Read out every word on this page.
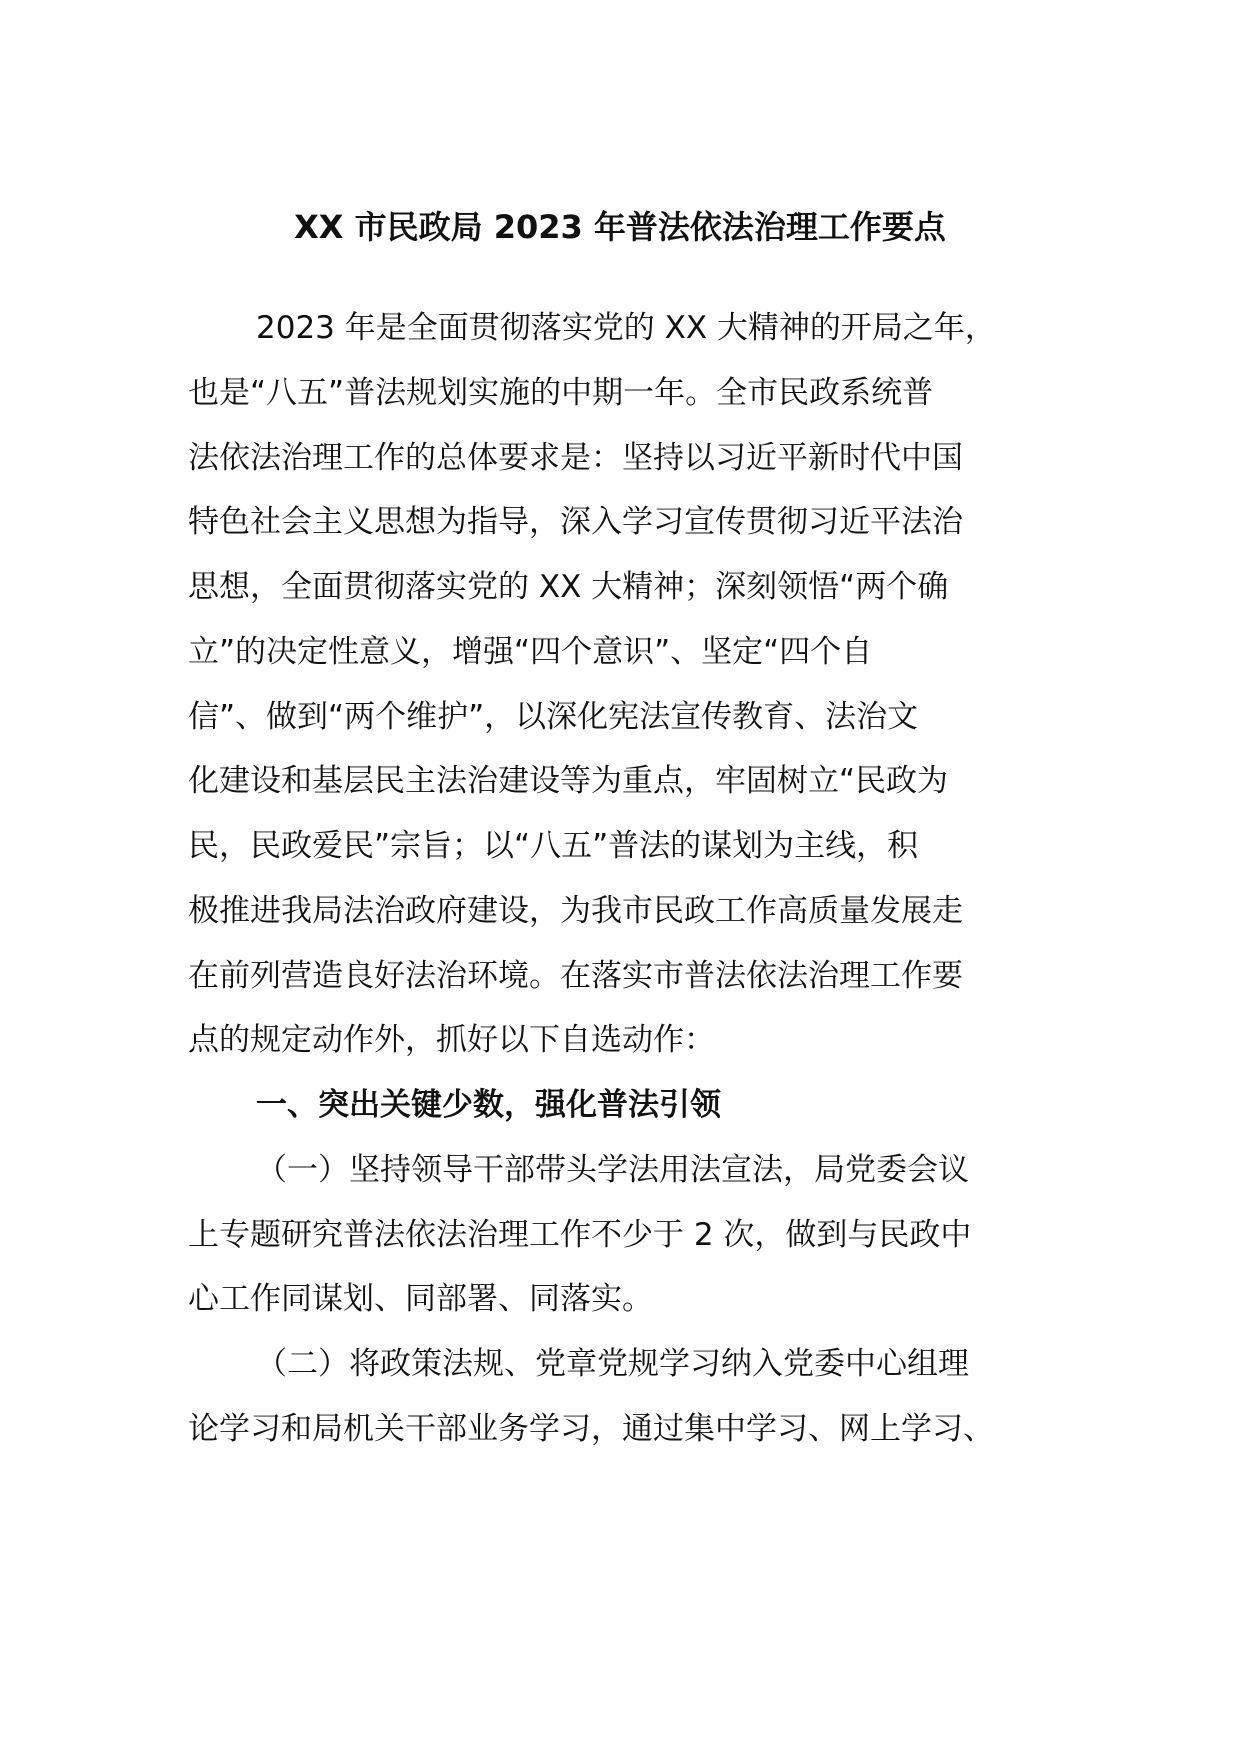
XX 市民政局 2023 年普法依法治理工作要点
2023 年是全面贯彻落实党的 XX 大精神的开局之年，
也是“八五”普法规划实施的中期一年。全市民政系统普
法依法治理工作的总体要求是：坚持以习近平新时代中国
特色社会主义思想为指导，深入学习宣传贯彻习近平法治
思想，全面贯彻落实党的 XX 大精神；深刻领悟“两个确
立”的决定性意义，增强“四个意识”、坚定“四个自
信”、做到“两个维护”，以深化宪法宣传教育、法治文
化建设和基层民主法治建设等为重点，牢固树立“民政为
民，民政爱民”宗旨；以“八五”普法的谋划为主线，积
极推进我局法治政府建设，为我市民政工作高质量发展走
在前列营造良好法治环境。在落实市普法依法治理工作要
点的规定动作外，抓好以下自选动作：
一、突出关键少数，强化普法引领
（一）坚持领导干部带头学法用法宣法，局党委会议
上专题研究普法依法治理工作不少于 2 次，做到与民政中
心工作同谋划、同部署、同落实。
（二）将政策法规、党章党规学习纳入党委中心组理
论学习和局机关干部业务学习，通过集中学习、网上学习、
